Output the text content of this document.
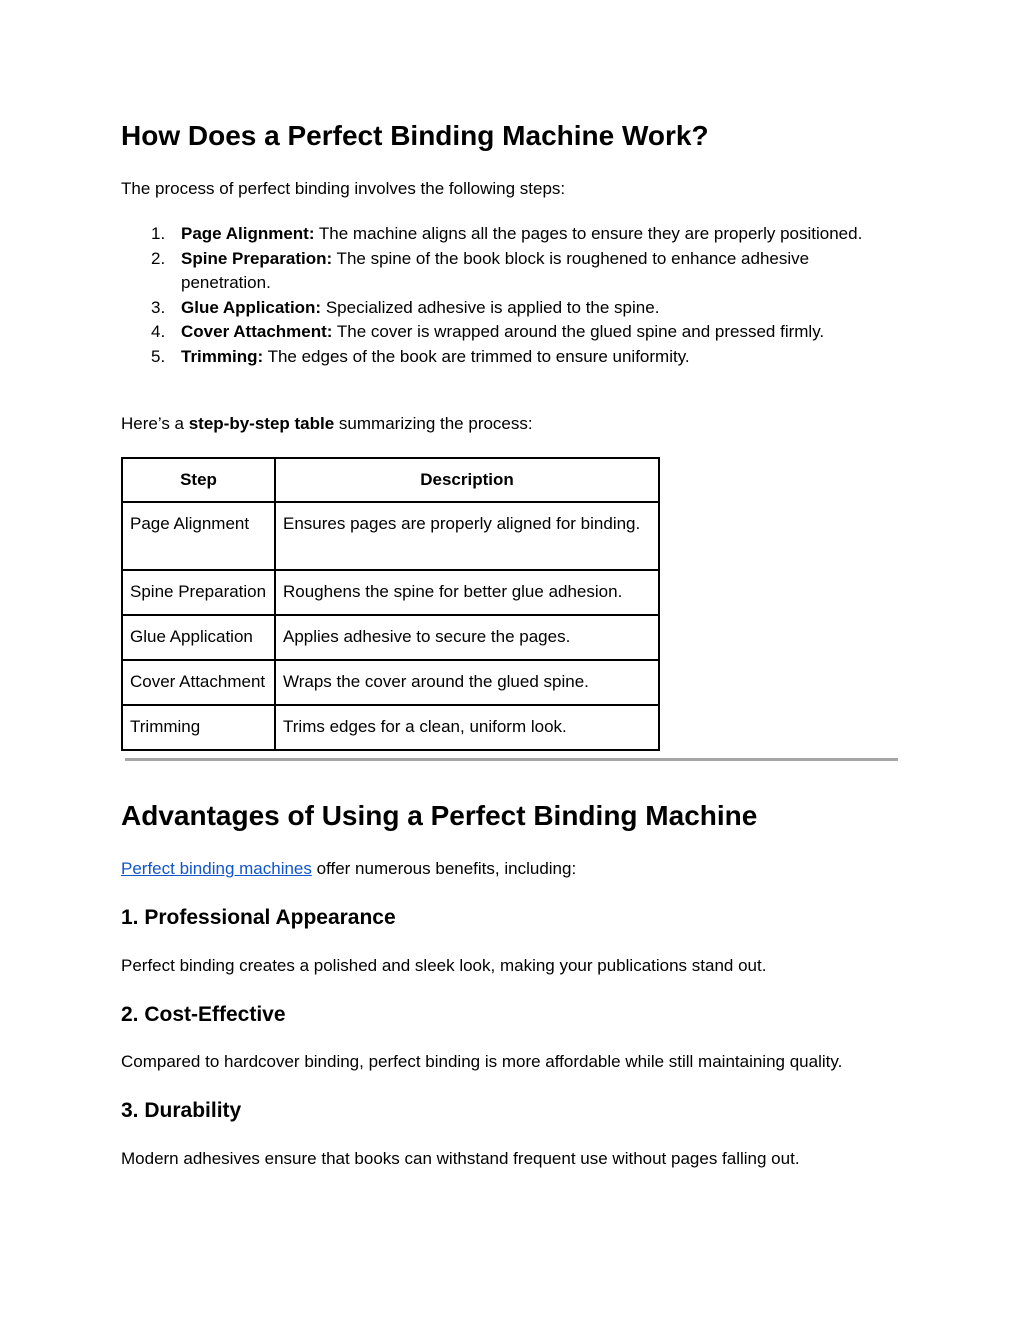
How Does a Perfect Binding Machine Work?

The process of perfect binding involves the following steps:

1. Page Alignment: The machine aligns all the pages to ensure they are properly positioned.
2. Spine Preparation: The spine of the book block is roughened to enhance adhesive penetration.
3. Glue Application: Specialized adhesive is applied to the spine.
4. Cover Attachment: The cover is wrapped around the glued spine and pressed firmly.
5. Trimming: The edges of the book are trimmed to ensure uniformity.

Here’s a step-by-step table summarizing the process:

Step	Description
Page Alignment	Ensures pages are properly aligned for binding.
Spine Preparation	Roughens the spine for better glue adhesion.
Glue Application	Applies adhesive to secure the pages.
Cover Attachment	Wraps the cover around the glued spine.
Trimming	Trims edges for a clean, uniform look.
Advantages of Using a Perfect Binding Machine

Perfect binding machines offer numerous benefits, including:

1. Professional Appearance

Perfect binding creates a polished and sleek look, making your publications stand out.

2. Cost-Effective

Compared to hardcover binding, perfect binding is more affordable while still maintaining quality.

3. Durability

Modern adhesives ensure that books can withstand frequent use without pages falling out.
